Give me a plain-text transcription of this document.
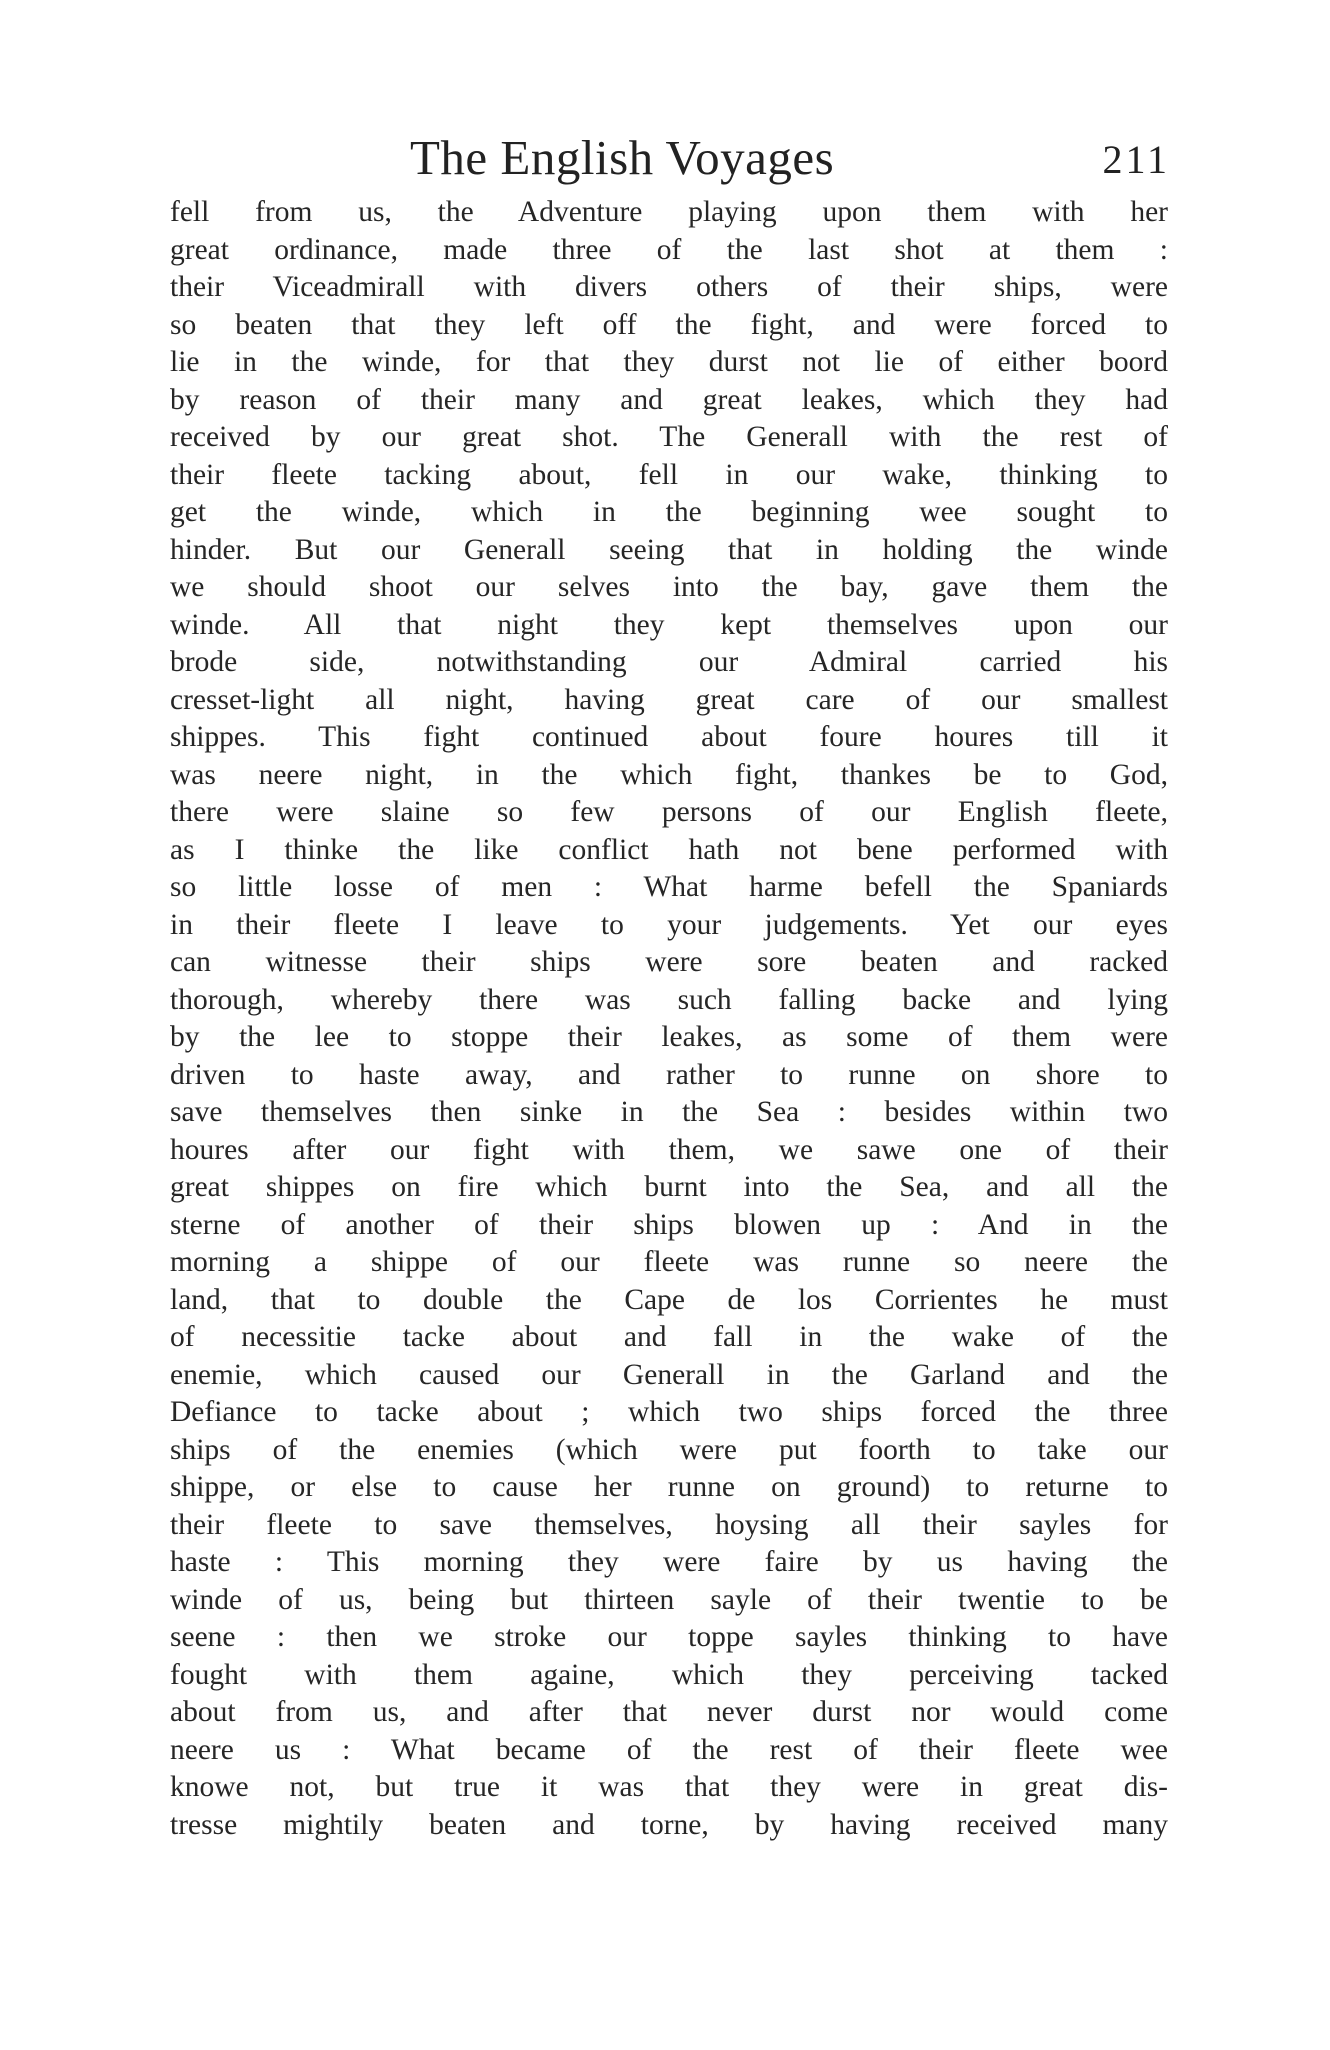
The English Voyages	211
fell from us, the Adventure playing upon them with her
great ordinance, made three of the last shot at them :
their Viceadmirall with divers others of their ships, were
so beaten that they left off the fight, and were forced to
lie in the winde, for that they durst not lie of either boord
by reason of their many and great leakes, which they had
received by our great shot. The Generall with the rest of
their fleete tacking about, fell in our wake, thinking to
get the winde, which in the beginning wee sought to
hinder. But our Generall seeing that in holding the winde
we should shoot our selves into the bay, gave them the
winde. All that night they kept themselves upon our
brode side, notwithstanding our Admiral carried his
cresset-light all night, having great care of our smallest
shippes. This fight continued about foure houres till it
was neere night, in the which fight, thankes be to God,
there were slaine so few persons of our English fleete,
as I thinke the like conflict hath not bene performed with
so little losse of men : What harme befell the Spaniards
in their fleete I leave to your judgements. Yet our eyes
can witnesse their ships were sore beaten and racked
thorough, whereby there was such falling backe and lying
by the lee to stoppe their leakes, as some of them were
driven to haste away, and rather to runne on shore to
save themselves then sinke in the Sea : besides within two
houres after our fight with them, we sawe one of their
great shippes on fire which burnt into the Sea, and all the
sterne of another of their ships blowen up : And in the
morning a shippe of our fleete was runne so neere the
land, that to double the Cape de los Corrientes he must
of necessitie tacke about and fall in the wake of the
enemie, which caused our Generall in the Garland and the
Defiance to tacke about ; which two ships forced the three
ships of the enemies (which were put foorth to take our
shippe, or else to cause her runne on ground) to returne to
their fleete to save themselves, hoysing all their sayles for
haste : This morning they were faire by us having the
winde of us, being but thirteen sayle of their twentie to be
seene : then we stroke our toppe sayles thinking to have
fought with them againe, which they perceiving tacked
about from us, and after that never durst nor would come
neere us : What became of the rest of their fleete wee
knowe not, but true it was that they were in great dis-
tresse mightily beaten and torne, by having received many
